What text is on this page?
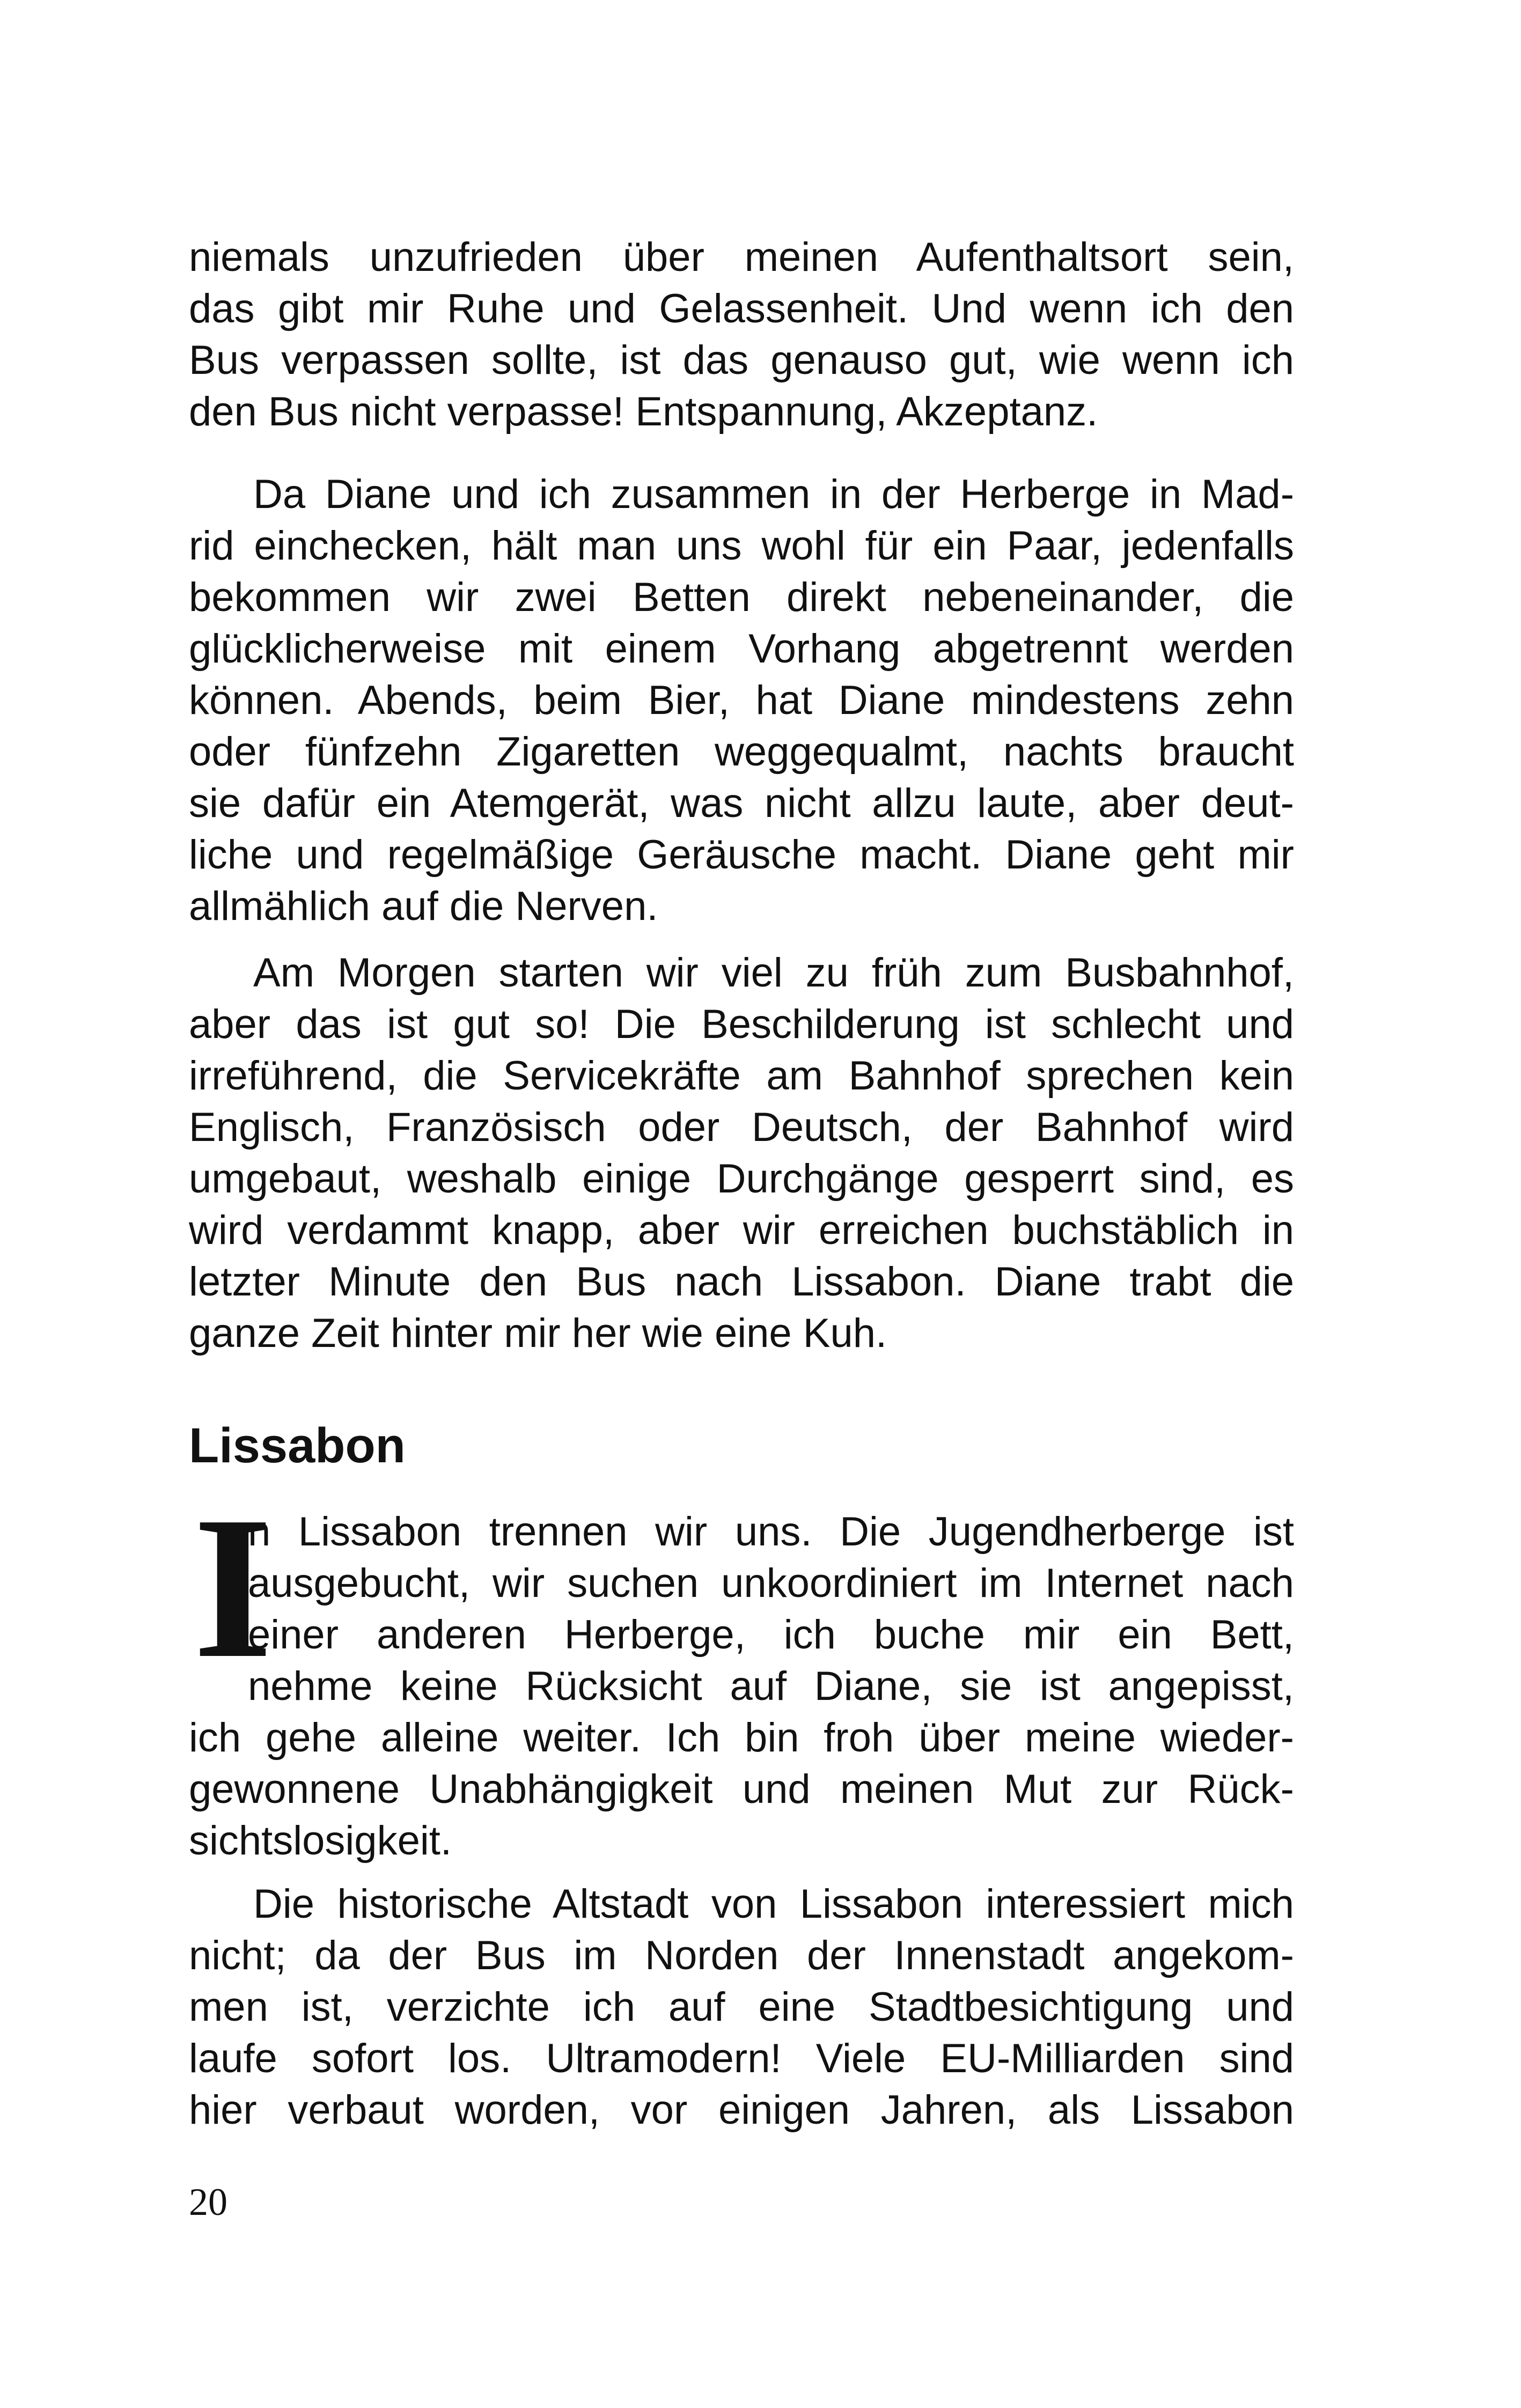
niemals unzufrieden über meinen Aufenthaltsort sein,
das gibt mir Ruhe und Gelassenheit. Und wenn ich den
Bus verpassen sollte, ist das genauso gut, wie wenn ich
den Bus nicht verpasse! Entspannung, Akzeptanz.
Da Diane und ich zusammen in der Herberge in Mad-
rid einchecken, hält man uns wohl für ein Paar, jedenfalls
bekommen wir zwei Betten direkt nebeneinander, die
glücklicherweise mit einem Vorhang abgetrennt werden
können. Abends, beim Bier, hat Diane mindestens zehn
oder fünfzehn Zigaretten weggequalmt, nachts braucht
sie dafür ein Atemgerät, was nicht allzu laute, aber deut-
liche und regelmäßige Geräusche macht. Diane geht mir
allmählich auf die Nerven.
Am Morgen starten wir viel zu früh zum Busbahnhof,
aber das ist gut so! Die Beschilderung ist schlecht und
irreführend, die Servicekräfte am Bahnhof sprechen kein
Englisch, Französisch oder Deutsch, der Bahnhof wird
umgebaut, weshalb einige Durchgänge gesperrt sind, es
wird verdammt knapp, aber wir erreichen buchstäblich in
letzter Minute den Bus nach Lissabon. Diane trabt die
ganze Zeit hinter mir her wie eine Kuh.
Lissabon
I
n Lissabon trennen wir uns. Die Jugendherberge ist
ausgebucht, wir suchen unkoordiniert im Internet nach
einer anderen Herberge, ich buche mir ein Bett,
nehme keine Rücksicht auf Diane, sie ist angepisst,
ich gehe alleine weiter. Ich bin froh über meine wieder-
gewonnene Unabhängigkeit und meinen Mut zur Rück-
sichtslosigkeit.
Die historische Altstadt von Lissabon interessiert mich
nicht; da der Bus im Norden der Innenstadt angekom-
men ist, verzichte ich auf eine Stadtbesichtigung und
laufe sofort los. Ultramodern! Viele EU-Milliarden sind
hier verbaut worden, vor einigen Jahren, als Lissabon
20
